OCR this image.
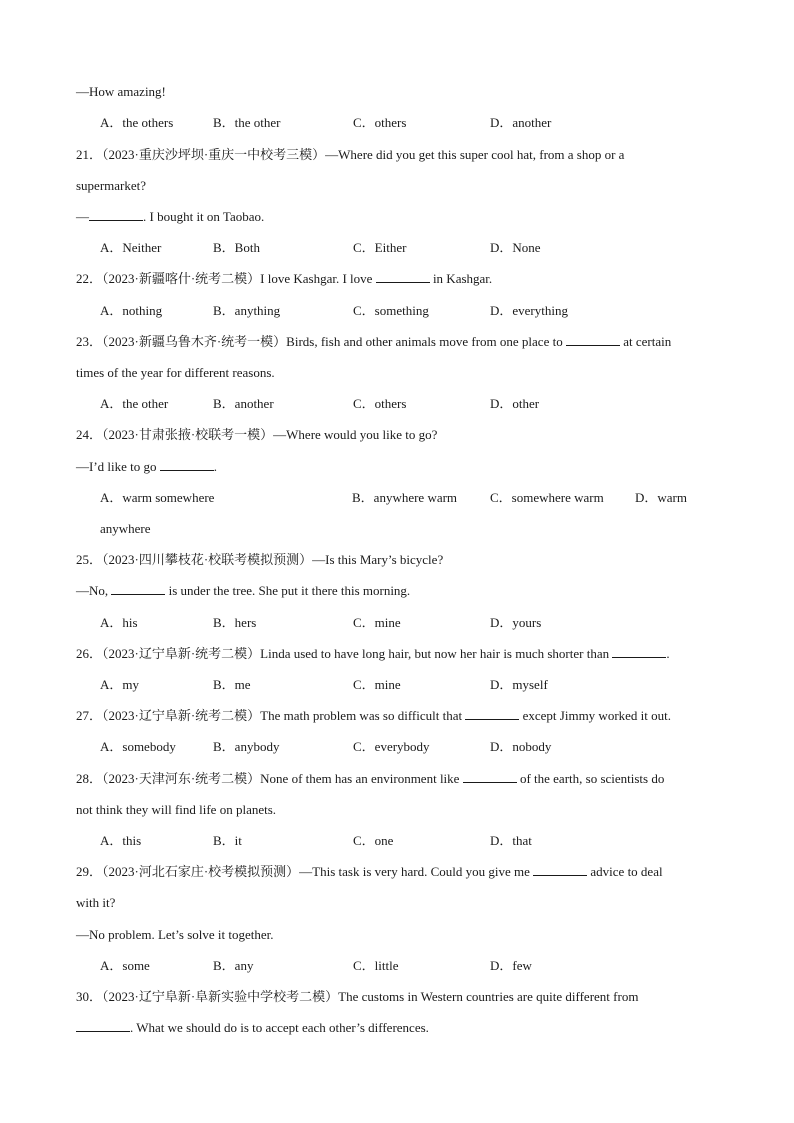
—How amazing!
A．the others	B．the other	C．others	D．another
21．（2023·重庆沙坪坝·重庆一中校考三模）—Where did you get this super cool hat, from a shop or a
supermarket?
—	. I bought it on Taobao.
A．Neither	B．Both	C．Either	D．None
22．（2023·新疆喀什·统考二模）I love Kashgar. I love	in Kashgar.
A．nothing	B．anything	C．something	D．everything
23．（2023·新疆乌鲁木齐·统考一模）Birds, fish and other animals move from one place to	at certain
times of the year for different reasons.
A．the other	B．another	C．others	D．other
24．（2023·甘肃张掖·校联考一模）—Where would you like to go?
—I’d like to go	.
A．warm somewhere	B．anywhere warm	C．somewhere warm D．warm
anywhere
25．（2023·四川攀枝花·校联考模拟预测）—Is this Mary’s bicycle?
—No,	is under the tree. She put it there this morning.
A．his	B．hers	C．mine	D．yours
26．（2023·辽宁阜新·统考二模）Linda used to have long hair, but now her hair is much shorter than	.
A．my	B．me	C．mine	D．myself
27．（2023·辽宁阜新·统考二模）The math problem was so difficult that	except Jimmy worked it out.
A．somebody	B．anybody	C．everybody	D．nobody
28．（2023·天津河东·统考二模）None of them has an environment like	of the earth, so scientists do
not think they will find life on planets.
A．this	B．it	C．one	D．that
29．（2023·河北石家庄·校考模拟预测）—This task is very hard. Could you give me	advice to deal
with it?
—No problem. Let’s solve it together.
A．some	B．any	C．little	D．few
30．（2023·辽宁阜新·阜新实验中学校考二模）The customs in Western countries are quite different from
. What we should do is to accept each other’s differences.
